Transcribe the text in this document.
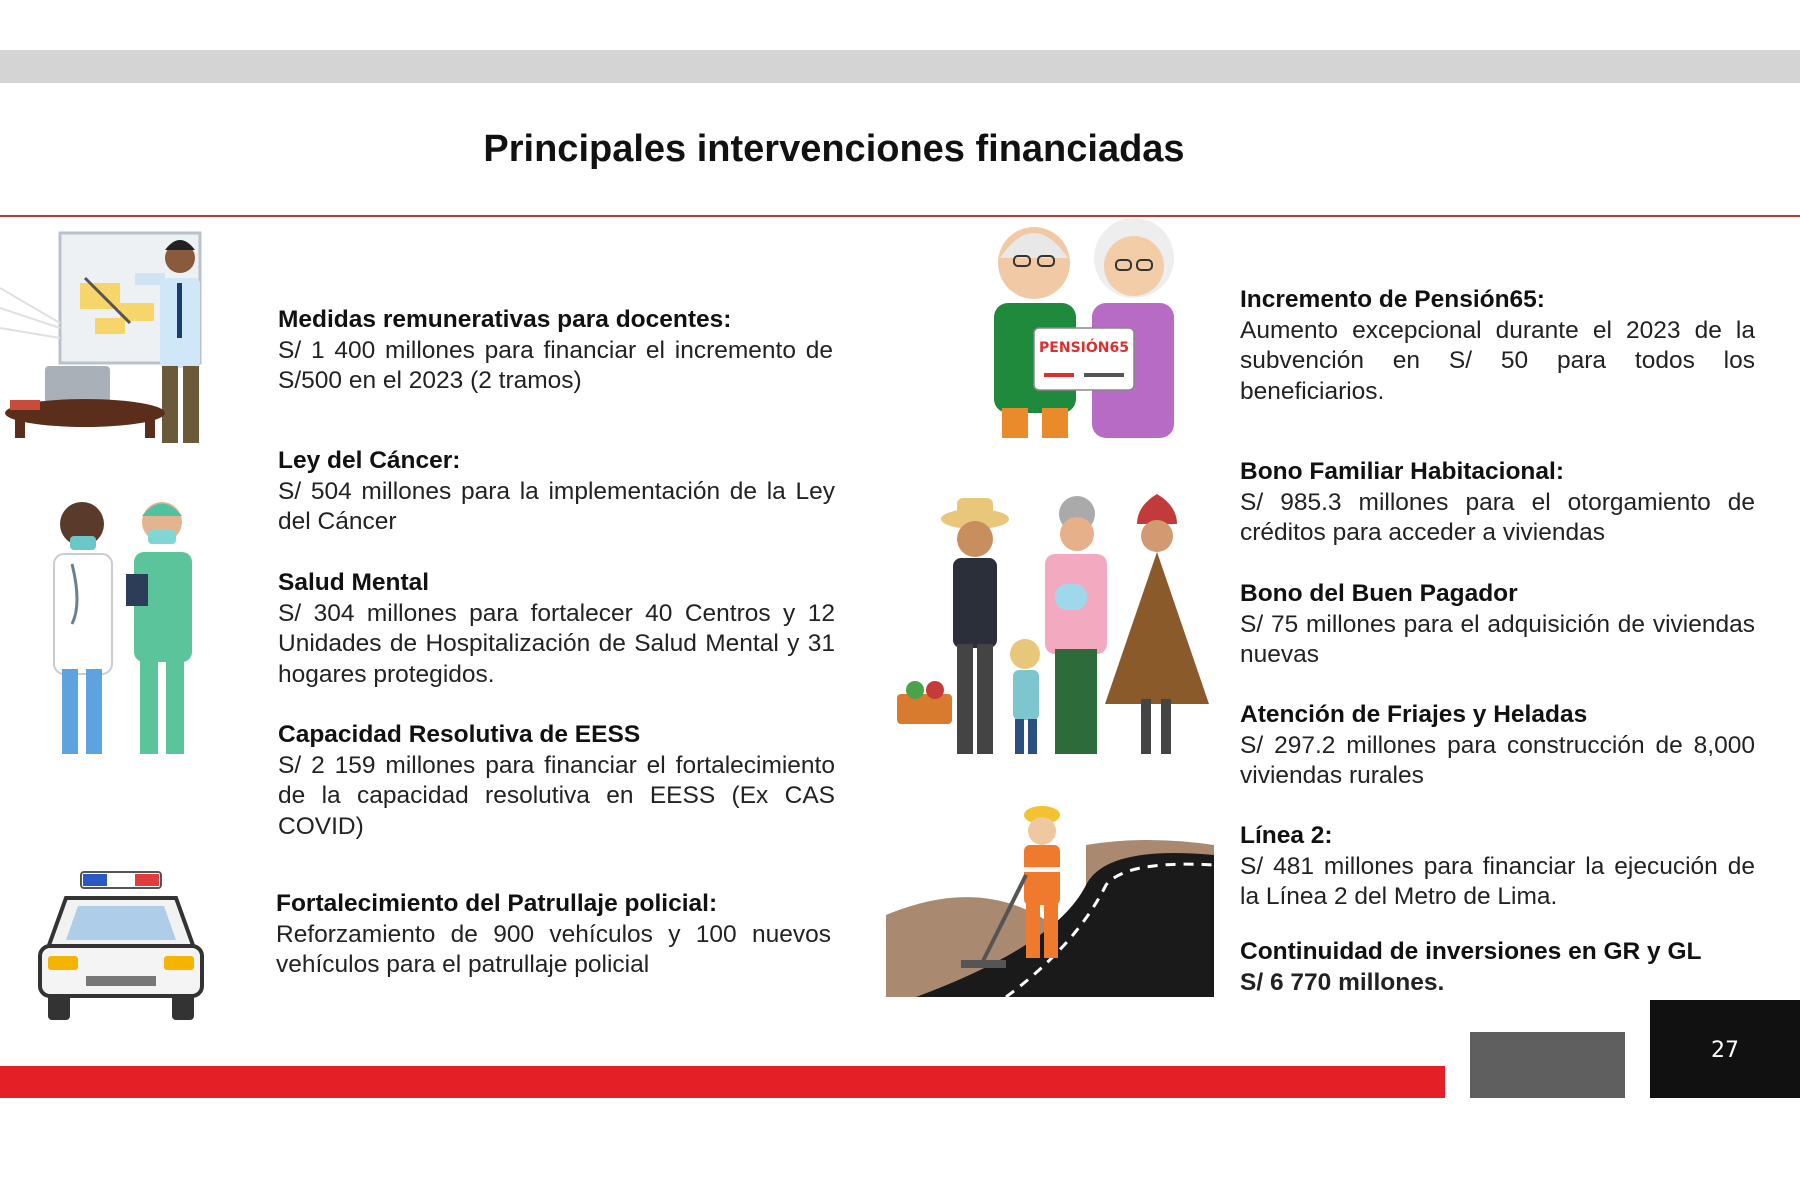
Principales intervenciones financiadas
PENSIÓN65
Medidas remunerativas para docentes:
S/ 1 400 millones para financiar el incremento de S/500 en el 2023 (2 tramos)
Ley del Cáncer:
S/ 504 millones para la implementación de la Ley del Cáncer
Salud Mental
S/ 304 millones para fortalecer 40 Centros y 12 Unidades de Hospitalización de Salud Mental y 31 hogares protegidos.
Capacidad Resolutiva de EESS
S/ 2 159 millones para financiar el fortalecimiento de la capacidad resolutiva en EESS (Ex CAS COVID)
Fortalecimiento del Patrullaje policial:
Reforzamiento de 900 vehículos y 100 nuevos vehículos para el patrullaje policial
Incremento de Pensión65:
Aumento excepcional durante el 2023 de la subvención en S/ 50 para todos los beneficiarios.
Bono Familiar Habitacional:
S/ 985.3 millones para el otorgamiento de créditos para acceder a viviendas
Bono del Buen Pagador
S/ 75 millones para el adquisición de viviendas nuevas
Atención de Friajes y Heladas
S/ 297.2 millones para construcción de 8,000 viviendas rurales
Línea 2:
S/ 481 millones para financiar la ejecución de la Línea 2 del Metro de Lima.
Continuidad de inversiones en GR y GL
S/ 6 770 millones.
27
